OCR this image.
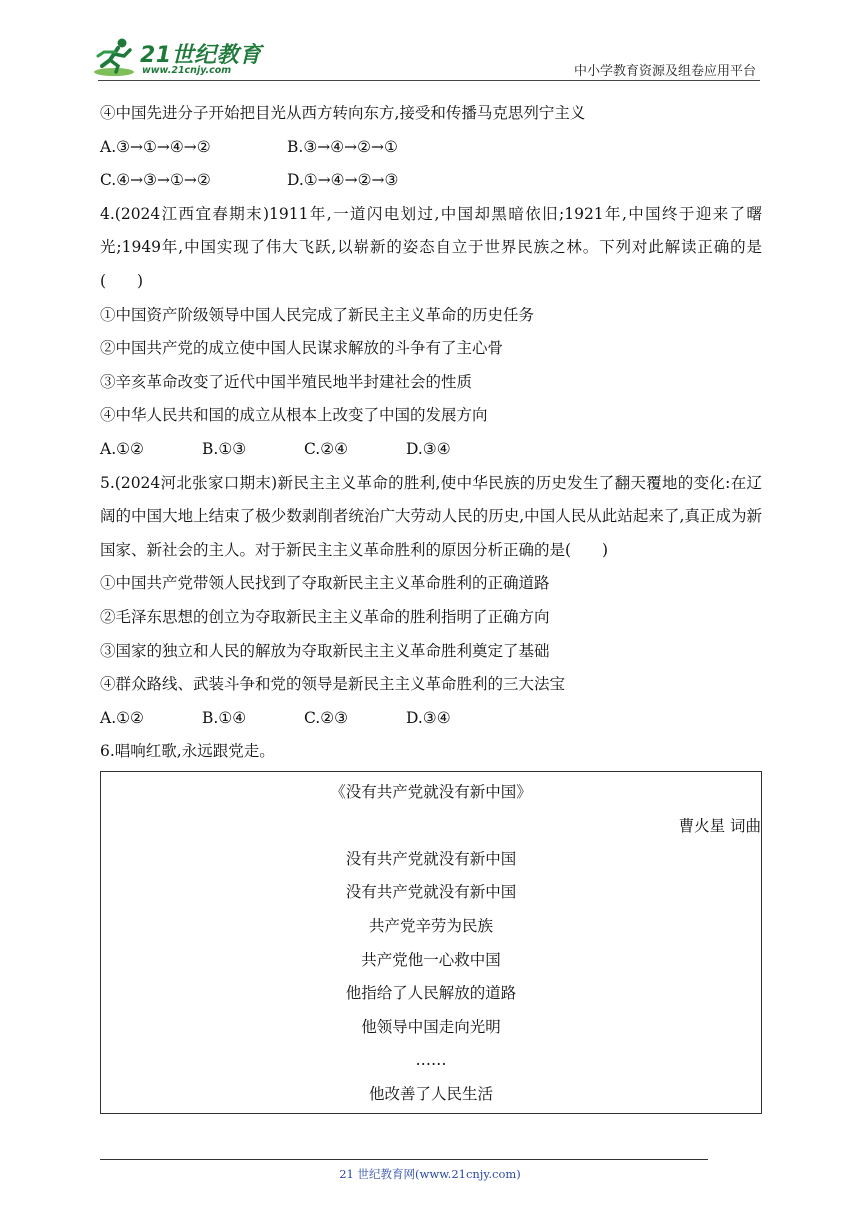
21世纪教育
www.21cnjy.com	中小学教育资源及组卷应用平台
④中国先进分子开始把目光从西方转向东方,接受和传播马克思列宁主义
A.③→①→④→②	B.③→④→②→①
C.④→③→①→②	D.①→④→②→③
4.(2024江西宜春期末)1911年,一道闪电划过,中国却黑暗依旧;1921年,中国终于迎来了曙光;1949年,中国实现了伟大飞跃,以崭新的姿态自立于世界民族之林。下列对此解读正确的是(　　)
①中国资产阶级领导中国人民完成了新民主主义革命的历史任务
②中国共产党的成立使中国人民谋求解放的斗争有了主心骨
③辛亥革命改变了近代中国半殖民地半封建社会的性质
④中华人民共和国的成立从根本上改变了中国的发展方向
A.①②	B.①③	C.②④	D.③④
5.(2024河北张家口期末)新民主主义革命的胜利,使中华民族的历史发生了翻天覆地的变化:在辽阔的中国大地上结束了极少数剥削者统治广大劳动人民的历史,中国人民从此站起来了,真正成为新国家、新社会的主人。对于新民主主义革命胜利的原因分析正确的是(　　)
①中国共产党带领人民找到了夺取新民主主义革命胜利的正确道路
②毛泽东思想的创立为夺取新民主主义革命的胜利指明了正确方向
③国家的独立和人民的解放为夺取新民主主义革命胜利奠定了基础
④群众路线、武装斗争和党的领导是新民主主义革命胜利的三大法宝
A.①②	B.①④	C.②③	D.③④
6.唱响红歌,永远跟党走。
《没有共产党就没有新中国》
曹火星 词曲
没有共产党就没有新中国
没有共产党就没有新中国
共产党辛劳为民族
共产党他一心救中国
他指给了人民解放的道路
他领导中国走向光明
……
他改善了人民生活
21 世纪教育网(www.21cnjy.com)
